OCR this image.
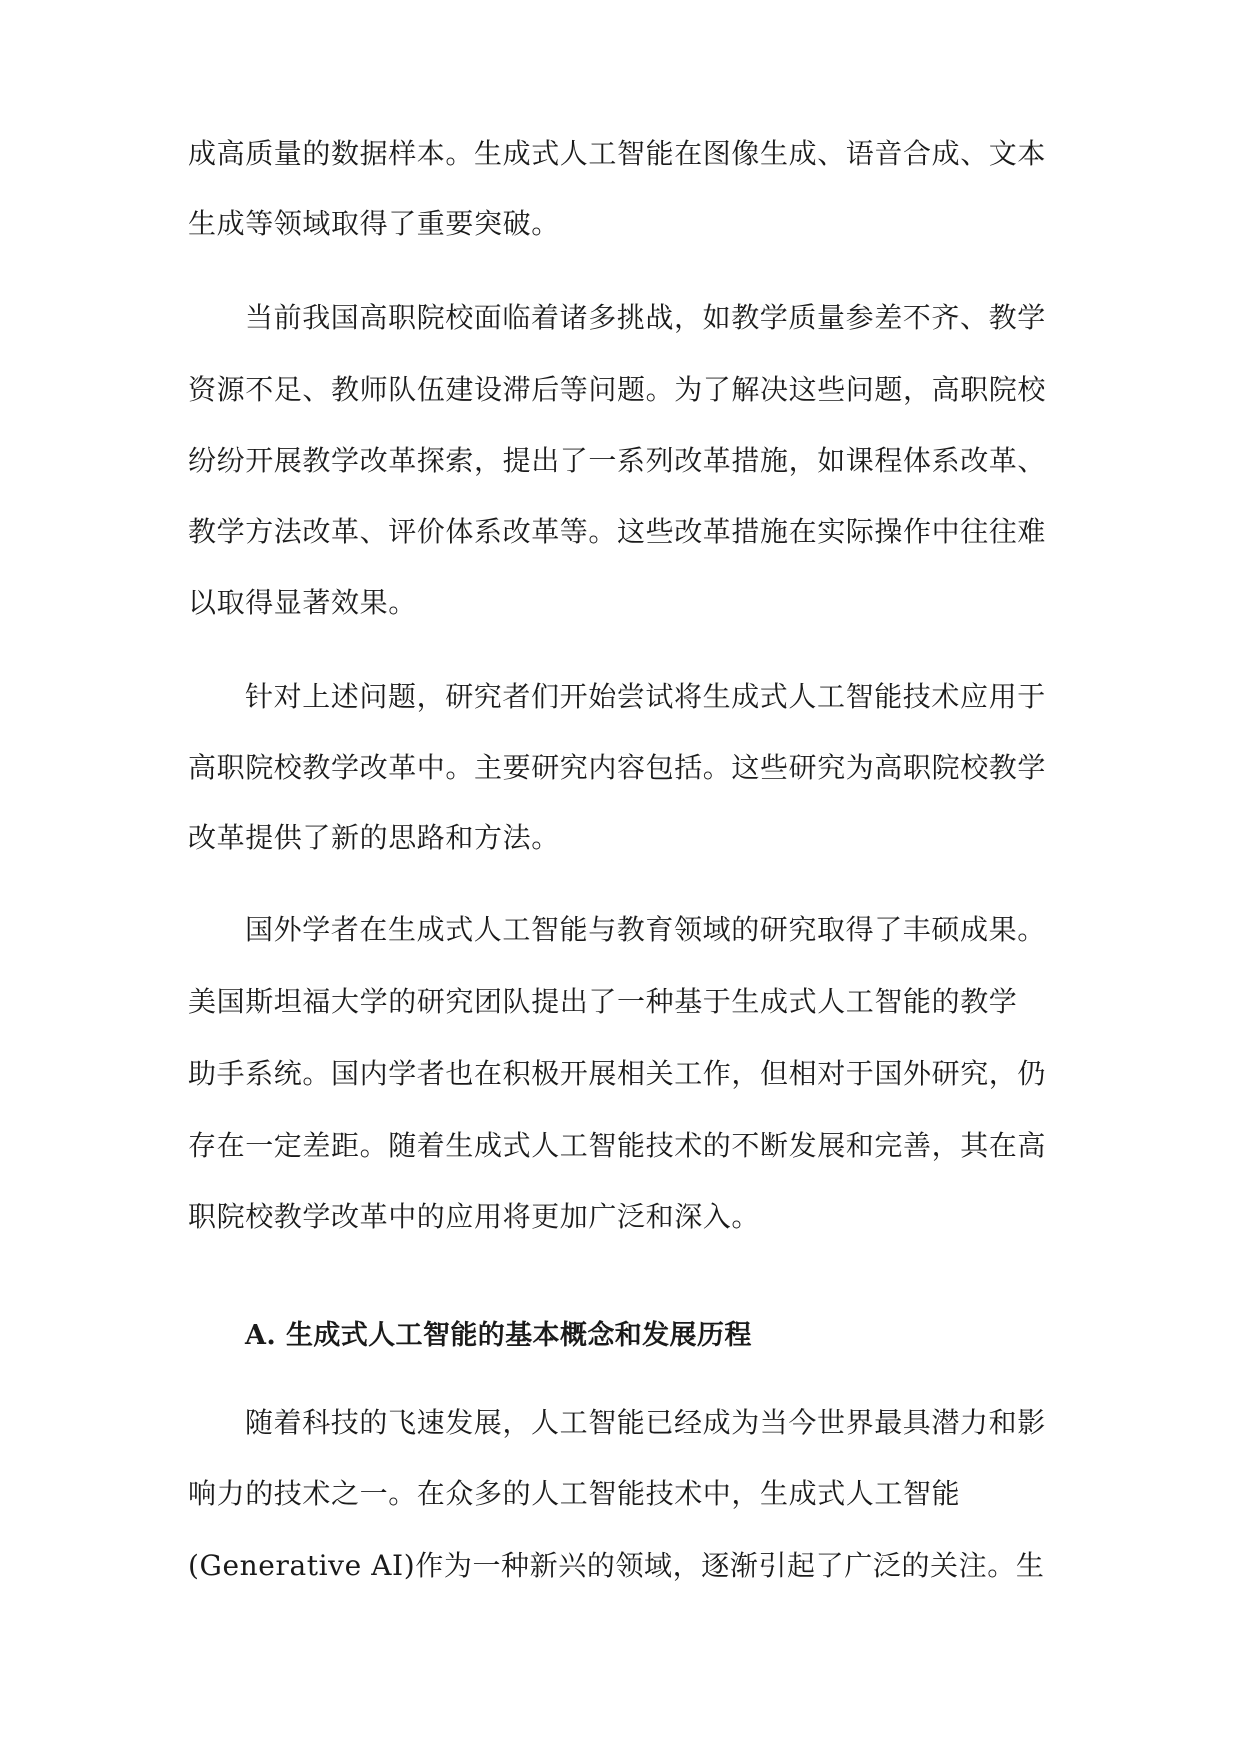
成高质量的数据样本。生成式人工智能在图像生成、语音合成、文本
生成等领域取得了重要突破。
当前我国高职院校面临着诸多挑战，如教学质量参差不齐、教学
资源不足、教师队伍建设滞后等问题。为了解决这些问题，高职院校
纷纷开展教学改革探索，提出了一系列改革措施，如课程体系改革、
教学方法改革、评价体系改革等。这些改革措施在实际操作中往往难
以取得显著效果。
针对上述问题，研究者们开始尝试将生成式人工智能技术应用于
高职院校教学改革中。主要研究内容包括。这些研究为高职院校教学
改革提供了新的思路和方法。
国外学者在生成式人工智能与教育领域的研究取得了丰硕成果。
美国斯坦福大学的研究团队提出了一种基于生成式人工智能的教学
助手系统。国内学者也在积极开展相关工作，但相对于国外研究，仍
存在一定差距。随着生成式人工智能技术的不断发展和完善，其在高
职院校教学改革中的应用将更加广泛和深入。
A. 生成式人工智能的基本概念和发展历程
随着科技的飞速发展，人工智能已经成为当今世界最具潜力和影
响力的技术之一。在众多的人工智能技术中，生成式人工智能
(Generative AI)作为一种新兴的领域，逐渐引起了广泛的关注。生
